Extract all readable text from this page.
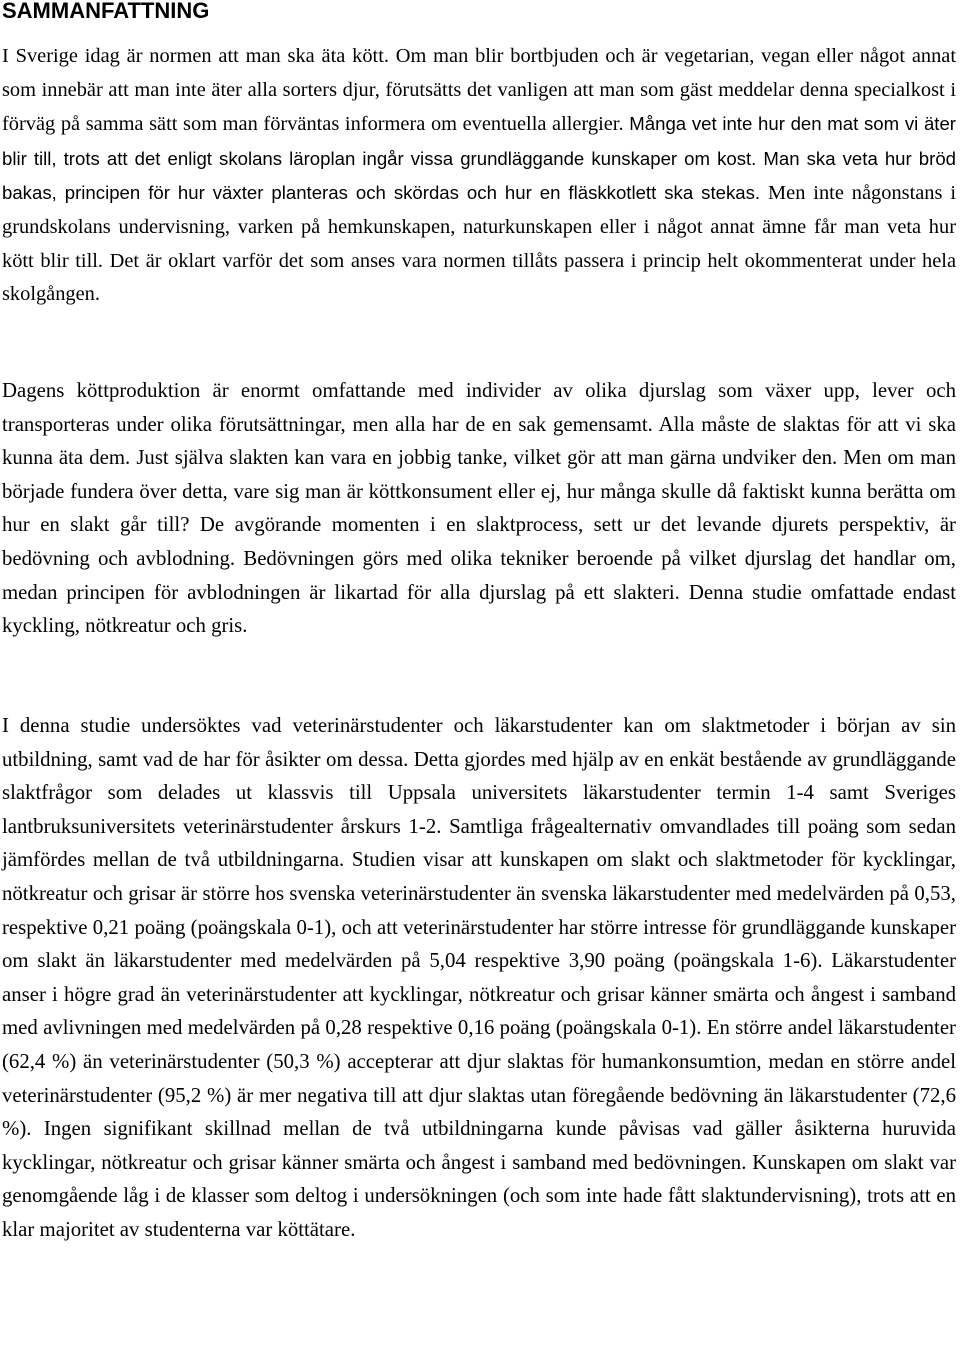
SAMMANFATTNING

I Sverige idag är normen att man ska äta kött. Om man blir bortbjuden och är vegetarian, vegan eller något annat som innebär att man inte äter alla sorters djur, förutsätts det vanligen att man som gäst meddelar denna specialkost i förväg på samma sätt som man förväntas informera om eventuella allergier. Många vet inte hur den mat som vi äter blir till, trots att det enligt skolans läroplan ingår vissa grundläggande kunskaper om kost. Man ska veta hur bröd bakas, principen för hur växter planteras och skördas och hur en fläskkotlett ska stekas. Men inte någonstans i grundskolans undervisning, varken på hemkunskapen, naturkunskapen eller i något annat ämne får man veta hur kött blir till. Det är oklart varför det som anses vara normen tillåts passera i princip helt okommenterat under hela skolgången.

Dagens köttproduktion är enormt omfattande med individer av olika djurslag som växer upp, lever och transporteras under olika förutsättningar, men alla har de en sak gemensamt. Alla måste de slaktas för att vi ska kunna äta dem. Just själva slakten kan vara en jobbig tanke, vilket gör att man gärna undviker den. Men om man började fundera över detta, vare sig man är köttkonsument eller ej, hur många skulle då faktiskt kunna berätta om hur en slakt går till? De avgörande momenten i en slaktprocess, sett ur det levande djurets perspektiv, är bedövning och avblodning. Bedövningen görs med olika tekniker beroende på vilket djurslag det handlar om, medan principen för avblodningen är likartad för alla djurslag på ett slakteri. Denna studie omfattade endast kyckling, nötkreatur och gris.

I denna studie undersöktes vad veterinärstudenter och läkarstudenter kan om slaktmetoder i början av sin utbildning, samt vad de har för åsikter om dessa. Detta gjordes med hjälp av en enkät bestående av grundläggande slaktfrågor som delades ut klassvis till Uppsala universitets läkarstudenter termin 1-4 samt Sveriges lantbruksuniversitets veterinärstudenter årskurs 1-2. Samtliga frågealternativ omvandlades till poäng som sedan jämfördes mellan de två utbildningarna. Studien visar att kunskapen om slakt och slaktmetoder för kycklingar, nötkreatur och grisar är större hos svenska veterinärstudenter än svenska läkarstudenter med medelvärden på 0,53, respektive 0,21 poäng (poängskala 0-1), och att veterinärstudenter har större intresse för grundläggande kunskaper om slakt än läkarstudenter med medelvärden på 5,04 respektive 3,90 poäng (poängskala 1-6). Läkarstudenter anser i högre grad än veterinärstudenter att kycklingar, nötkreatur och grisar känner smärta och ångest i samband med avlivningen med medelvärden på 0,28 respektive 0,16 poäng (poängskala 0-1). En större andel läkarstudenter (62,4 %) än veterinärstudenter (50,3 %) accepterar att djur slaktas för humankonsumtion, medan en större andel veterinärstudenter (95,2 %) är mer negativa till att djur slaktas utan föregående bedövning än läkarstudenter (72,6 %). Ingen signifikant skillnad mellan de två utbildningarna kunde påvisas vad gäller åsikterna huruvida kycklingar, nötkreatur och grisar känner smärta och ångest i samband med bedövningen. Kunskapen om slakt var genomgående låg i de klasser som deltog i undersökningen (och som inte hade fått slaktundervisning), trots att en klar majoritet av studenterna var köttätare.
